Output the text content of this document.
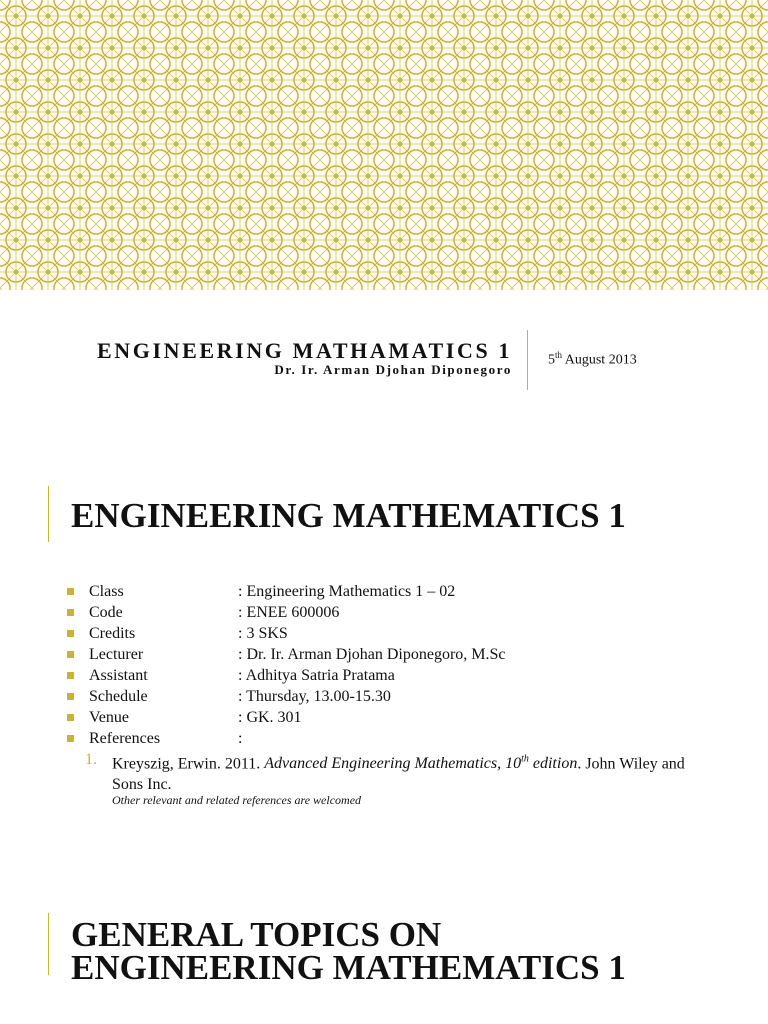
ENGINEERING MATHAMATICS 1
Dr. Ir. Arman Djohan Diponegoro
5th August 2013
ENGINEERING MATHEMATICS 1
Class	: Engineering Mathematics 1 – 02
Code	: ENEE 600006
Credits	: 3 SKS
Lecturer	: Dr. Ir. Arman Djohan Diponegoro, M.Sc
Assistant	: Adhitya Satria Pratama
Schedule	: Thursday, 13.00-15.30
Venue	: GK. 301
References	:
1. Kreyszig, Erwin. 2011. Advanced Engineering Mathematics, 10th edition. John Wiley and Sons Inc.
Other relevant and related references are welcomed
GENERAL TOPICS ON
ENGINEERING MATHEMATICS 1
